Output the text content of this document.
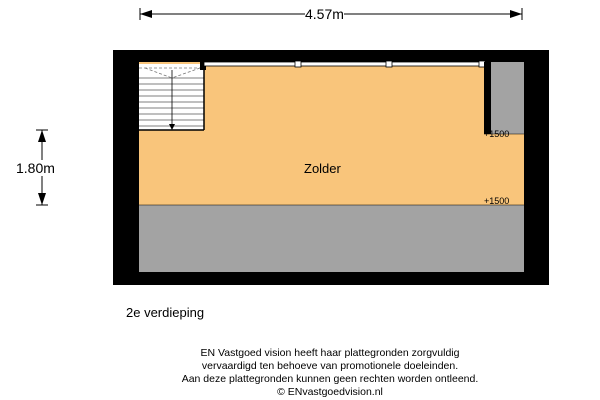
4.57m
1.80m	Zolder
+1500
+1500
2e verdieping
EN Vastgoed vision heeft haar plattegronden zorgvuldig
vervaardigd ten behoeve van promotionele doeleinden.
Aan deze plattegronden kunnen geen rechten worden ontleend.
© ENvastgoedvision.nl
